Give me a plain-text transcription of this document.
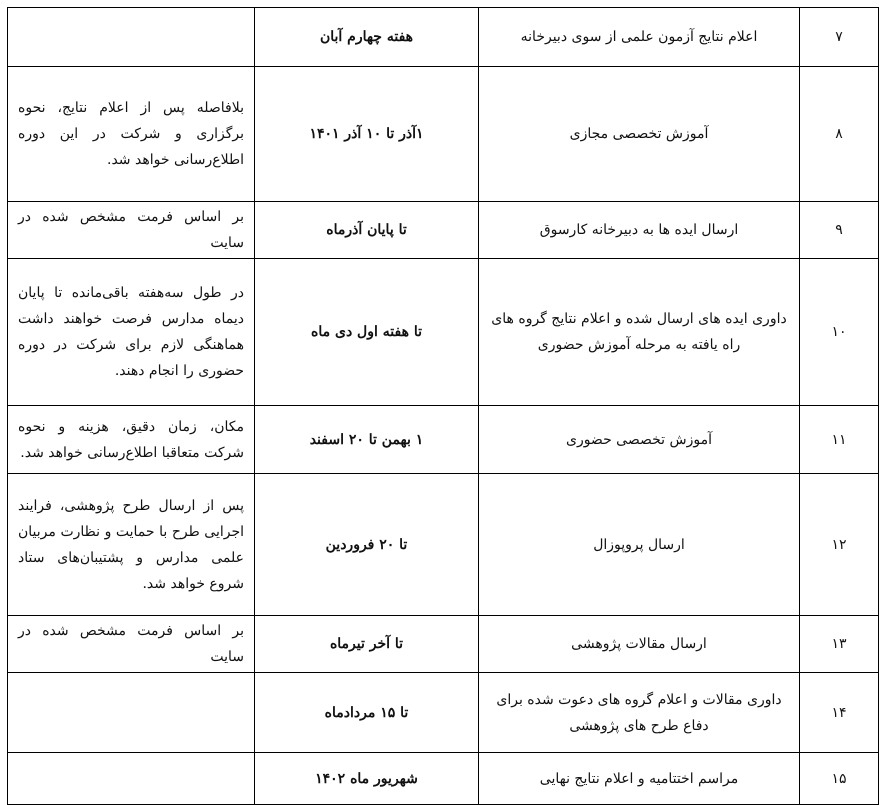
۷	اعلام نتایج آزمون علمی از سوی دبیرخانه	هفته چهارم آبان	
۸	آموزش تخصصی مجازی	۱آذر تا ۱۰ آذر ۱۴۰۱	بلافاصله پس از اعلام نتایج، نحوه برگزاری و شرکت در این دوره اطلاع‌رسانی خواهد شد.
۹	ارسال ایده ها به دبیرخانه کارسوق	تا پایان آذرماه	بر اساس فرمت مشخص شده در سایت
۱۰	داوری ایده های ارسال شده و اعلام نتایج گروه های راه یافته به مرحله آموزش حضوری	تا هفته اول دی ماه	در طول سه‌هفته باقی‌مانده تا پایان دیماه مدارس فرصت خواهند داشت هماهنگی لازم برای شرکت در دوره حضوری را انجام دهند.
۱۱	آموزش تخصصی حضوری	۱ بهمن تا ۲۰ اسفند	مکان، زمان دقیق، هزینه و نحوه شرکت متعاقبا اطلاع‌رسانی خواهد شد.
۱۲	ارسال پروپوزال	تا ۲۰ فروردین	پس از ارسال طرح پژوهشی، فرایند اجرایی طرح با حمایت و نظارت مربیان علمی مدارس و پشتیبان‌های ستاد شروع خواهد شد.
۱۳	ارسال مقالات پژوهشی	تا آخر تیرماه	بر اساس فرمت مشخص شده در سایت
۱۴	داوری مقالات و اعلام گروه های دعوت شده برای دفاع طرح های پژوهشی	تا ۱۵ مردادماه	
۱۵	مراسم اختتامیه و اعلام نتایج نهایی	شهریور ماه ۱۴۰۲	
